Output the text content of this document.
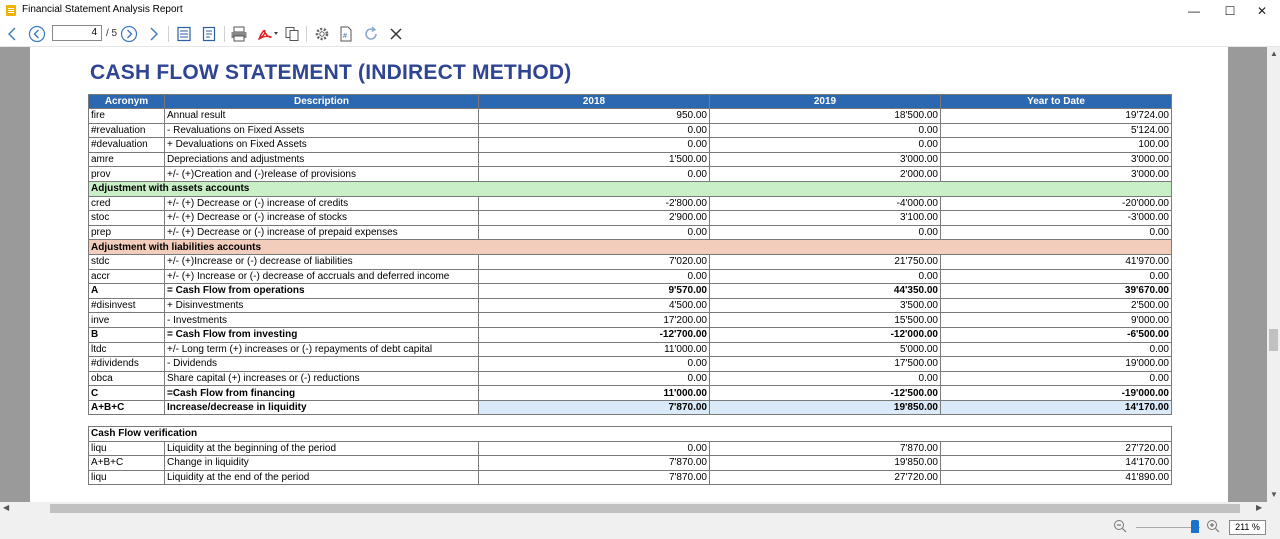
Financial Statement Analysis Report	—	☐	✕
4 / 5	#
CASH FLOW STATEMENT (INDIRECT METHOD)
Acronym	Description	2018	2019	Year to Date
fire	Annual result	950.00	18'500.00	19'724.00
#revaluation	- Revaluations on Fixed Assets	0.00	0.00	5'124.00
#devaluation	+ Devaluations on Fixed Assets	0.00	0.00	100.00
amre	Depreciations and adjustments	1'500.00	3'000.00	3'000.00
prov	+/- (+)Creation and (-)release of provisions	0.00	2'000.00	3'000.00
Adjustment with assets accounts				
cred	+/- (+) Decrease or (-) increase of credits	-2'800.00	-4'000.00	-20'000.00
stoc	+/- (+) Decrease or (-) increase of stocks	2'900.00	3'100.00	-3'000.00
prep	+/- (+) Decrease or (-) increase of prepaid expenses	0.00	0.00	0.00
Adjustment with liabilities accounts				
stdc	+/- (+)Increase or (-) decrease of liabilities	7'020.00	21'750.00	41'970.00
accr	+/- (+) Increase or (-) decrease of accruals and deferred income	0.00	0.00	0.00
A	= Cash Flow from operations	9'570.00	44'350.00	39'670.00
#disinvest	+ Disinvestments	4'500.00	3'500.00	2'500.00
inve	- Investments	17'200.00	15'500.00	9'000.00
B	= Cash Flow from investing	-12'700.00	-12'000.00	-6'500.00
ltdc	+/- Long term (+) increases or (-) repayments of debt capital	11'000.00	5'000.00	0.00
#dividends	- Dividends	0.00	17'500.00	19'000.00
obca	Share capital (+) increases or (-) reductions	0.00	0.00	0.00
C	=Cash Flow from financing	11'000.00	-12'500.00	-19'000.00
A+B+C	Increase/decrease in liquidity	7'870.00	19'850.00	14'170.00
Cash Flow verification				
liqu	Liquidity at the beginning of the period	0.00	7'870.00	27'720.00
A+B+C	Change in liquidity	7'870.00	19'850.00	14'170.00
liqu	Liquidity at the end of the period	7'870.00	27'720.00	41'890.00
▲
▼
◀	▶
211 %
